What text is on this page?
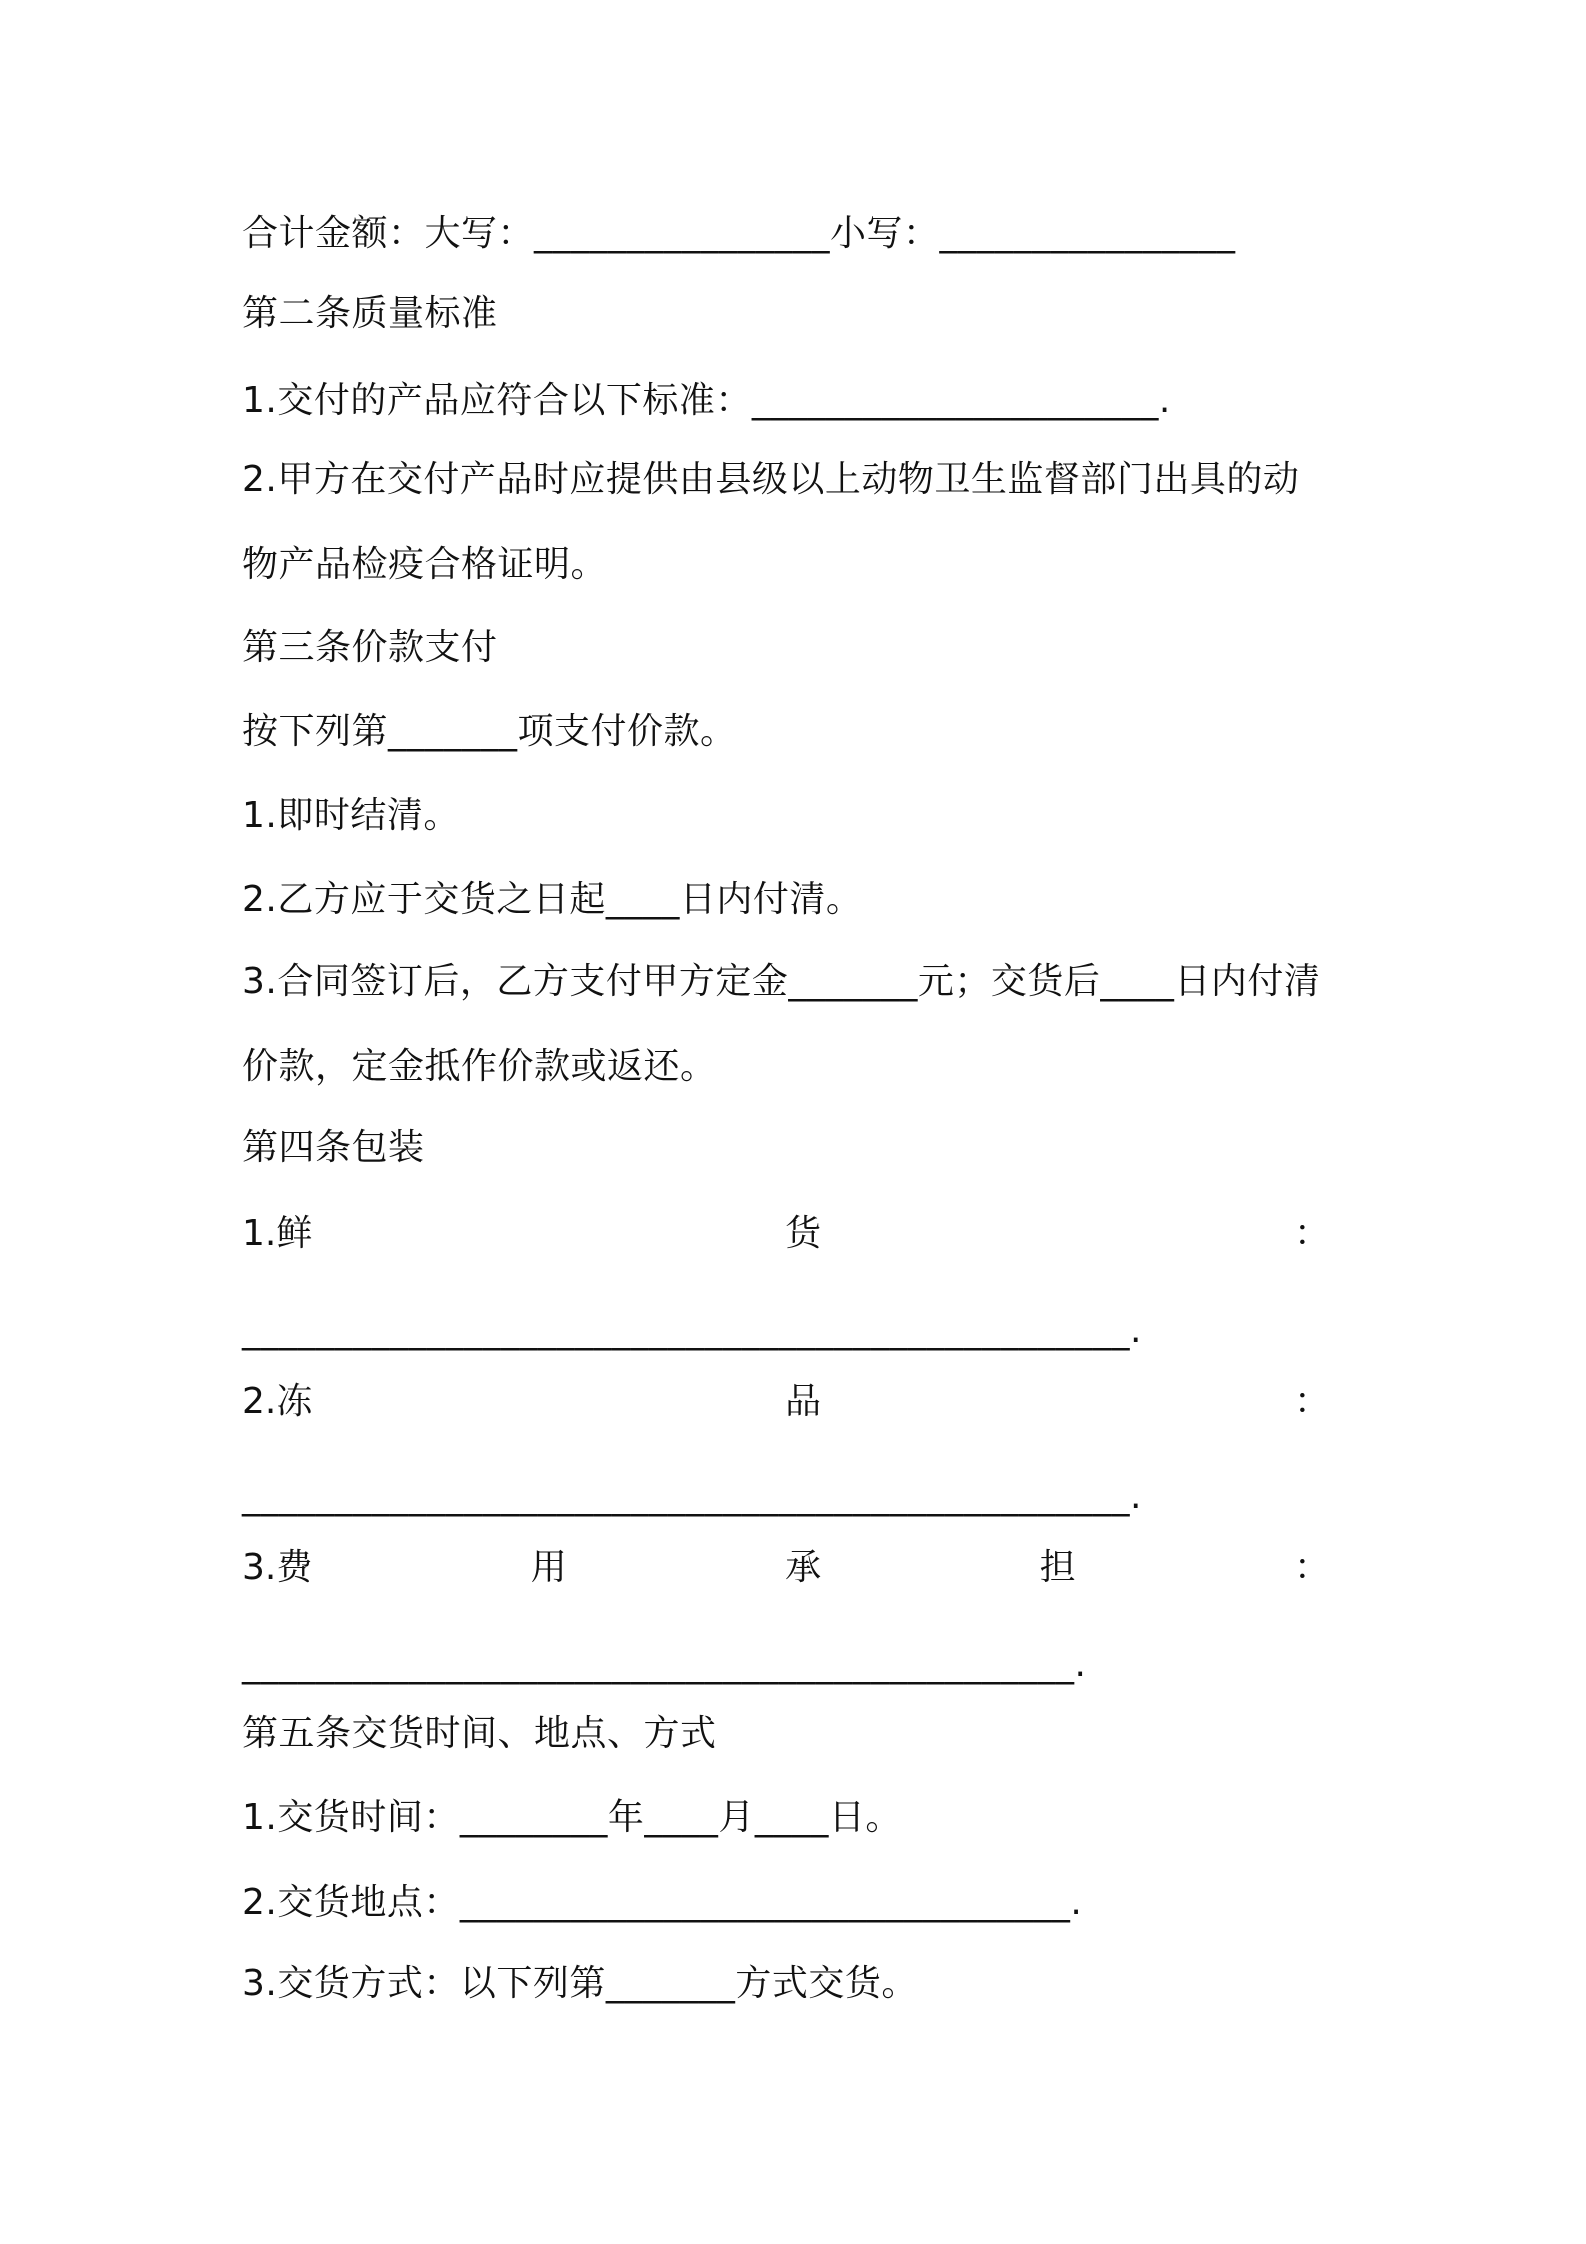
合计金额：大写：________________小写：________________
第二条质量标准
1.交付的产品应符合以下标准：______________________.
2.甲方在交付产品时应提供由县级以上动物卫生监督部门出具的动
物产品检疫合格证明。
第三条价款支付
按下列第_______项支付价款。
1.即时结清。
2.乙方应于交货之日起____日内付清。
3.合同签订后，乙方支付甲方定金_______元；交货后____日内付清
价款，定金抵作价款或返还。
第四条包装
1.鲜	货	：
________________________________________________.
2.冻	品	：
________________________________________________.
3.费	用	承	担	：
_____________________________________________.
第五条交货时间、地点、方式
1.交货时间：________年____月____日。
2.交货地点：_________________________________.
3.交货方式：以下列第_______方式交货。
